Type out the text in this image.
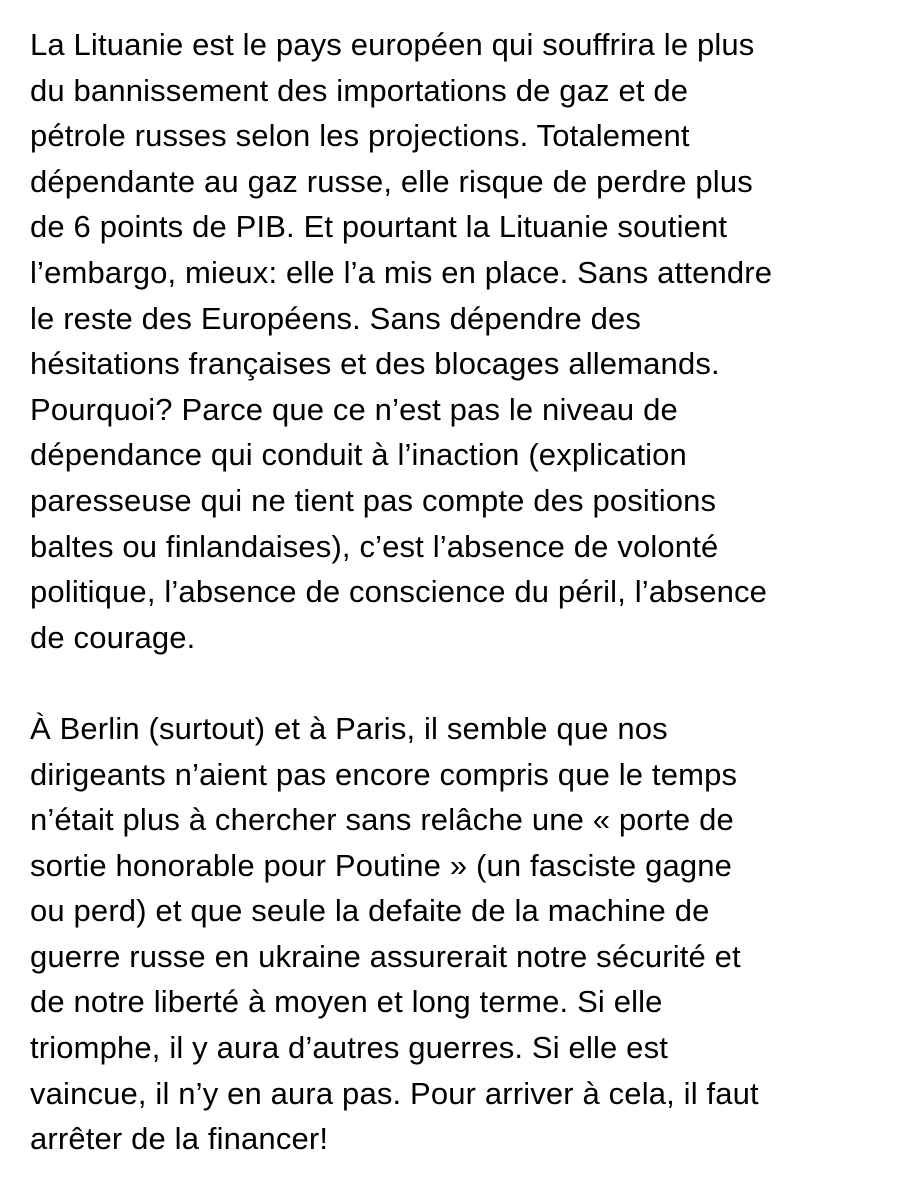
La Lituanie est le pays européen qui souffrira le plus
du bannissement des importations de gaz et de
pétrole russes selon les projections. Totalement
dépendante au gaz russe, elle risque de perdre plus
de 6 points de PIB. Et pourtant la Lituanie soutient
l’embargo, mieux: elle l’a mis en place. Sans attendre
le reste des Européens. Sans dépendre des
hésitations françaises et des blocages allemands.
Pourquoi? Parce que ce n’est pas le niveau de
dépendance qui conduit à l’inaction (explication
paresseuse qui ne tient pas compte des positions
baltes ou finlandaises), c’est l’absence de volonté
politique, l’absence de conscience du péril, l’absence
de courage.
À Berlin (surtout) et à Paris, il semble que nos
dirigeants n’aient pas encore compris que le temps
n’était plus à chercher sans relâche une « porte de
sortie honorable pour Poutine » (un fasciste gagne
ou perd) et que seule la defaite de la machine de
guerre russe en ukraine assurerait notre sécurité et
de notre liberté à moyen et long terme. Si elle
triomphe, il y aura d’autres guerres. Si elle est
vaincue, il n’y en aura pas. Pour arriver à cela, il faut
arrêter de la financer!
